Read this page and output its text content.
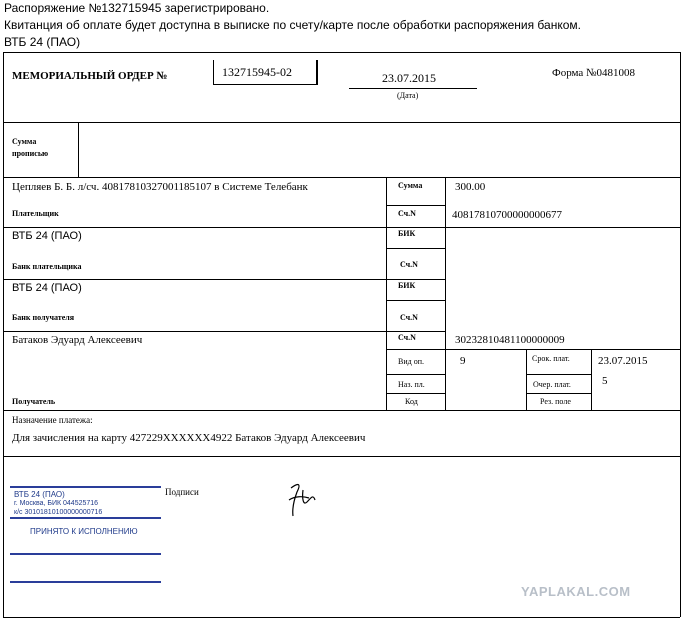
Распоряжение №132715945 зарегистрировано.
Квитанция об оплате будет доступна в выписке по счету/карте после обработки распоряжения банком.
ВТБ 24 (ПАО)
МЕМОРИАЛЬНЫЙ ОРДЕР №	132715945-02	23.07.2015
(Дата)
Форма №0481008
Сумма
прописью
Цепляев Б. Б. л/сч. 40817810327001185107 в Системе Телебанк
Плательщик
Сумма	300.00
Сч.N	40817810700000000677
ВТБ 24 (ПАО)
Банк плательщика
БИК
Сч.N
ВТБ 24 (ПАО)
Банк получателя
БИК
Сч.N
Батаков Эдуард Алексеевич
Получатель
Сч.N	30232810481100000009
Вид оп.	9	Срок. плат.	23.07.2015
Наз. пл.	Очер. плат.	5
Код	Рез. поле
Назначение платежа:
Для зачисления на карту 427229XXXXXX4922 Батаков Эдуард Алексеевич
Подписи
ВТБ 24 (ПАО)
г. Москва, БИК 044525716
к/с 30101810100000000716
ПРИНЯТО К ИСПОЛНЕНИЮ
YAPLAKAL.COM
